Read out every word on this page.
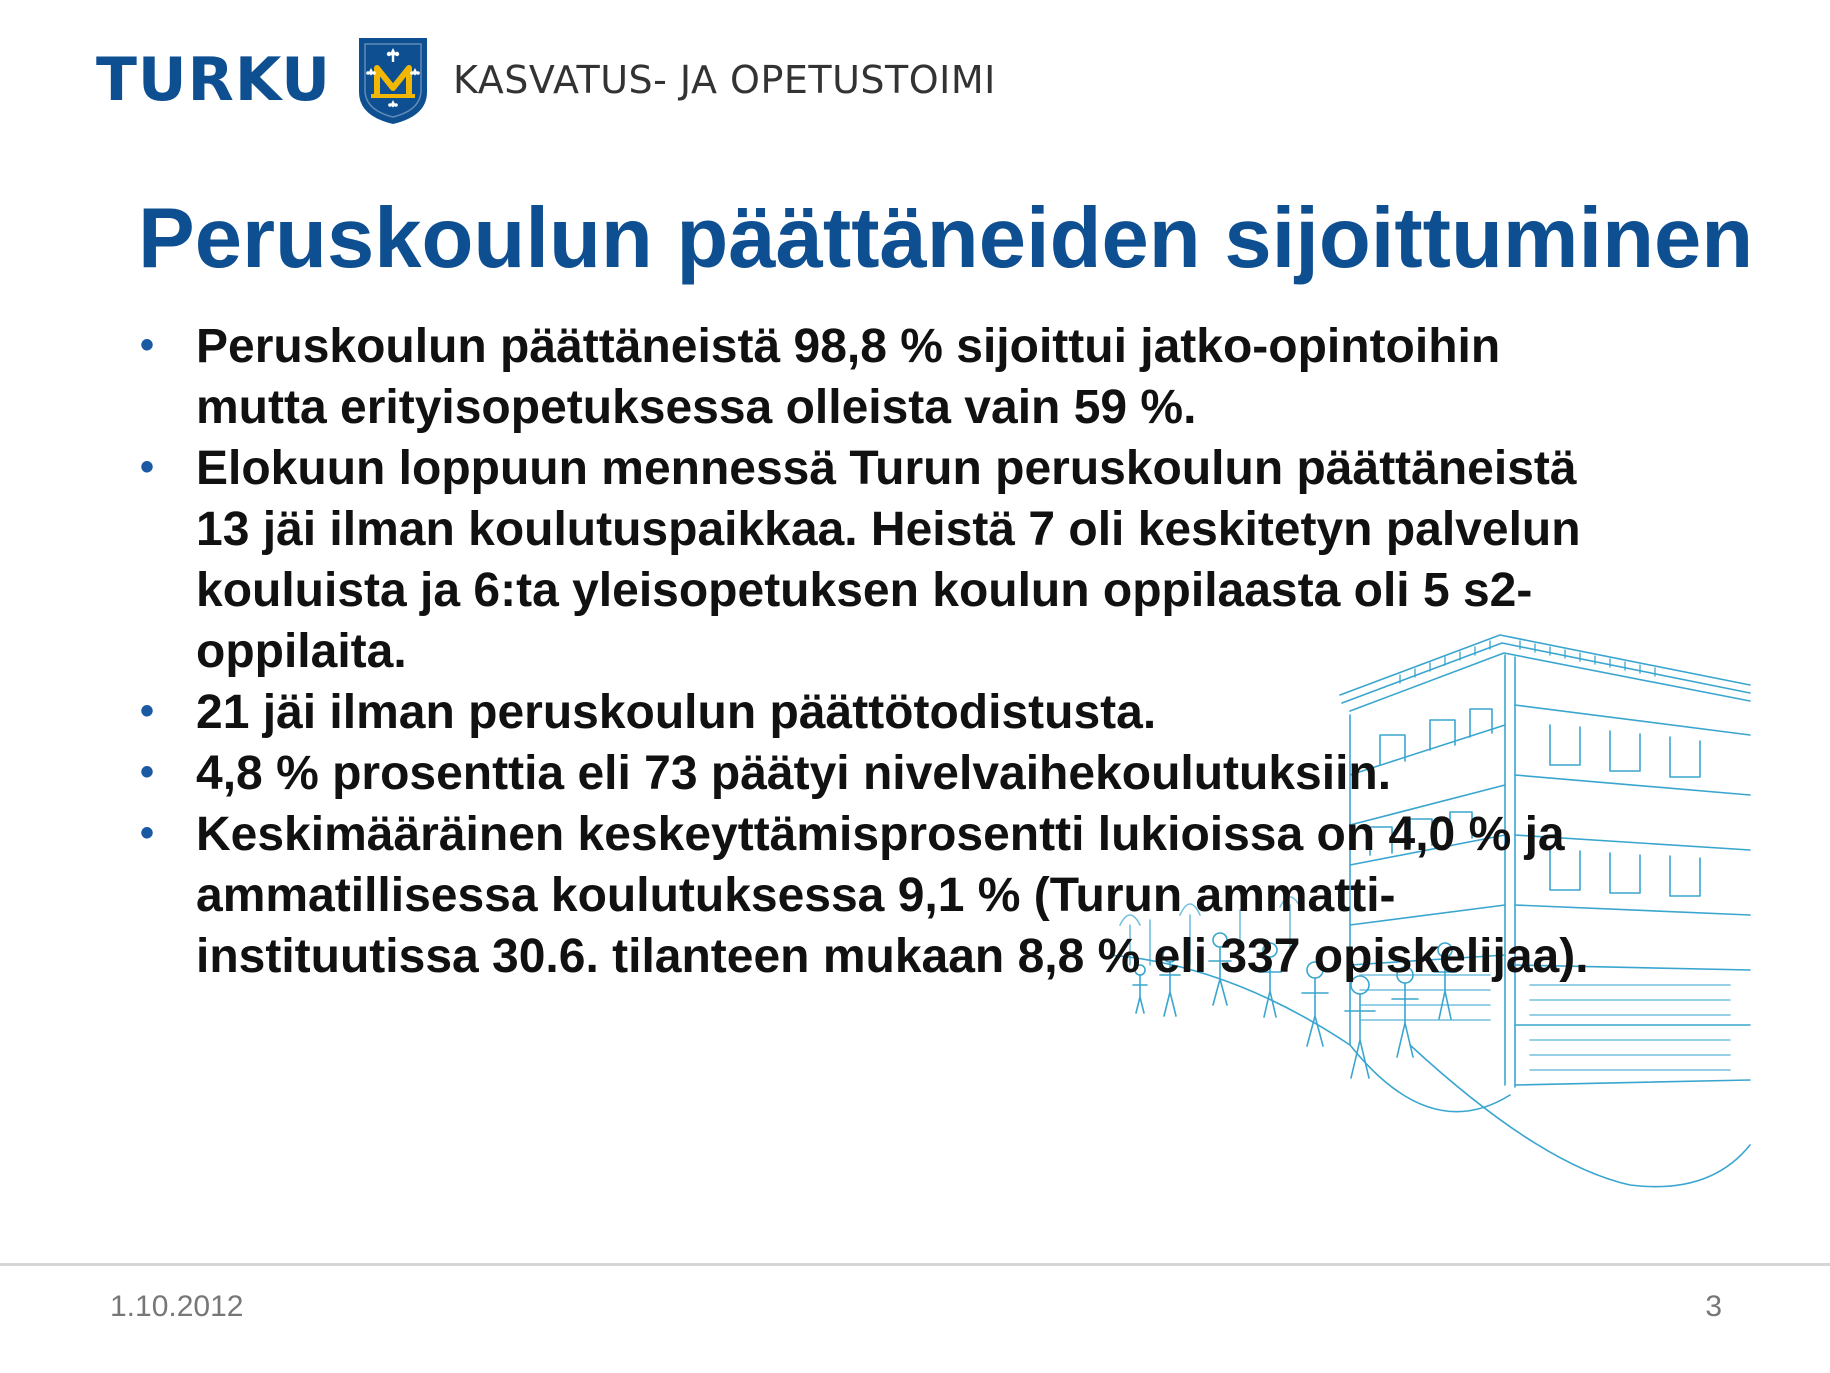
TURKU	KASVATUS- JA OPETUSTOIMI
Peruskoulun päättäneiden sijoittuminen
• Peruskoulun päättäneistä 98,8 % sijoittui jatko-opintoihin
mutta erityisopetuksessa olleista vain 59 %.
• Elokuun loppuun mennessä Turun peruskoulun päättäneistä
13 jäi ilman koulutuspaikkaa. Heistä 7 oli keskitetyn palvelun
kouluista ja 6:ta yleisopetuksen koulun oppilaasta oli 5 s2-
oppilaita.
• 21 jäi ilman peruskoulun päättötodistusta.
• 4,8 % prosenttia eli 73 päätyi nivelvaihekoulutuksiin.
• Keskimääräinen keskeyttämisprosentti lukioissa on 4,0 % ja
ammatillisessa koulutuksessa 9,1 % (Turun ammatti-
instituutissa 30.6. tilanteen mukaan 8,8 % eli 337 opiskelijaa).
1.10.2012	3
